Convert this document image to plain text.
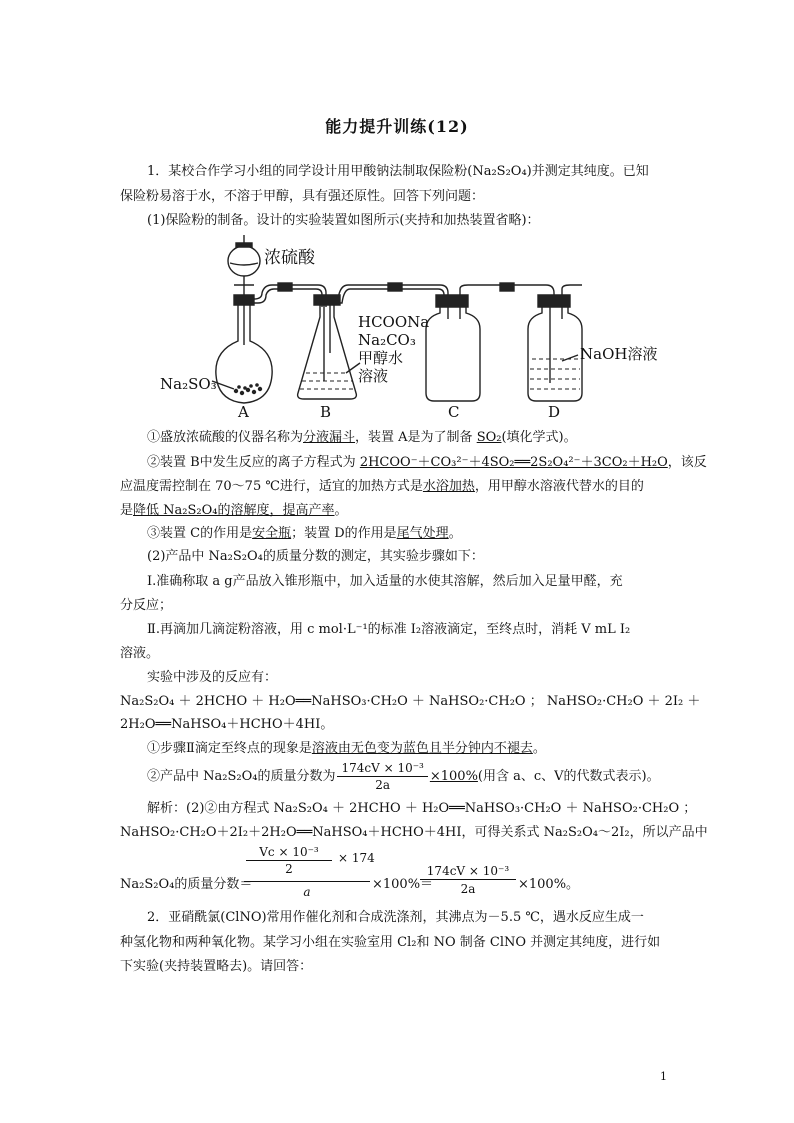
能力提升训练(12)
1．某校合作学习小组的同学设计用甲酸钠法制取保险粉(Na₂S₂O₄)并测定其纯度。已知
保险粉易溶于水，不溶于甲醇，具有强还原性。回答下列问题：
(1)保险粉的制备。设计的实验装置如图所示(夹持和加热装置省略)：
浓硫酸
Na₂SO₃
HCOONa
Na₂CO₃
甲醇水
溶液
NaOH溶液
A	B	C	D
①盛放浓硫酸的仪器名称为分液漏斗，装置 A是为了制备 SO₂(填化学式)。
②装置 B中发生反应的离子方程式为 2HCOO⁻＋CO₃²⁻＋4SO₂══2S₂O₄²⁻＋3CO₂＋H₂O，该反
应温度需控制在 70～75 ℃进行，适宜的加热方式是水浴加热，用甲醇水溶液代替水的目的
是降低 Na₂S₂O₄的溶解度，提高产率。
③装置 C的作用是安全瓶；装置 D的作用是尾气处理。
(2)产品中 Na₂S₂O₄的质量分数的测定，其实验步骤如下：
Ⅰ.准确称取 a g产品放入锥形瓶中，加入适量的水使其溶解，然后加入足量甲醛，充
分反应；
Ⅱ.再滴加几滴淀粉溶液，用 c mol·L⁻¹的标准 I₂溶液滴定，至终点时，消耗 V mL I₂
溶液。
实验中涉及的反应有：
Na₂S₂O₄ ＋ 2HCHO ＋ H₂O══NaHSO₃·CH₂O ＋ NaHSO₂·CH₂O ； NaHSO₂·CH₂O ＋ 2I₂ ＋
2H₂O══NaHSO₄＋HCHO＋4HI。
①步骤Ⅱ滴定至终点的现象是溶液由无色变为蓝色且半分钟内不褪去。
②产品中 Na₂S₂O₄的质量分数为 $\frac{\text{174cV × 10⁻³}}{2a} \times 100\%$(用含 a、c、V的代数式表示)。
解析：(2)②由方程式 Na₂S₂O₄ ＋ 2HCHO ＋ H₂O══NaHSO₃·CH₂O ＋ NaHSO₂·CH₂O ；
NaHSO₂·CH₂O＋2I₂＋2H₂O══NaHSO₄＋HCHO＋4HI，可得关系式 Na₂S₂O₄～2I₂，所以产品中
Vc × 10⁻³
2
× 174
a
Na₂S₂O₄的质量分数＝	×100%＝
174cV × 10⁻³
2a	×100%。
2．亚硝酰氯(ClNO)常用作催化剂和合成洗涤剂，其沸点为－5.5 ℃，遇水反应生成一
种氢化物和两种氧化物。某学习小组在实验室用 Cl₂和 NO 制备 ClNO 并测定其纯度，进行如
下实验(夹持装置略去)。请回答：
1
